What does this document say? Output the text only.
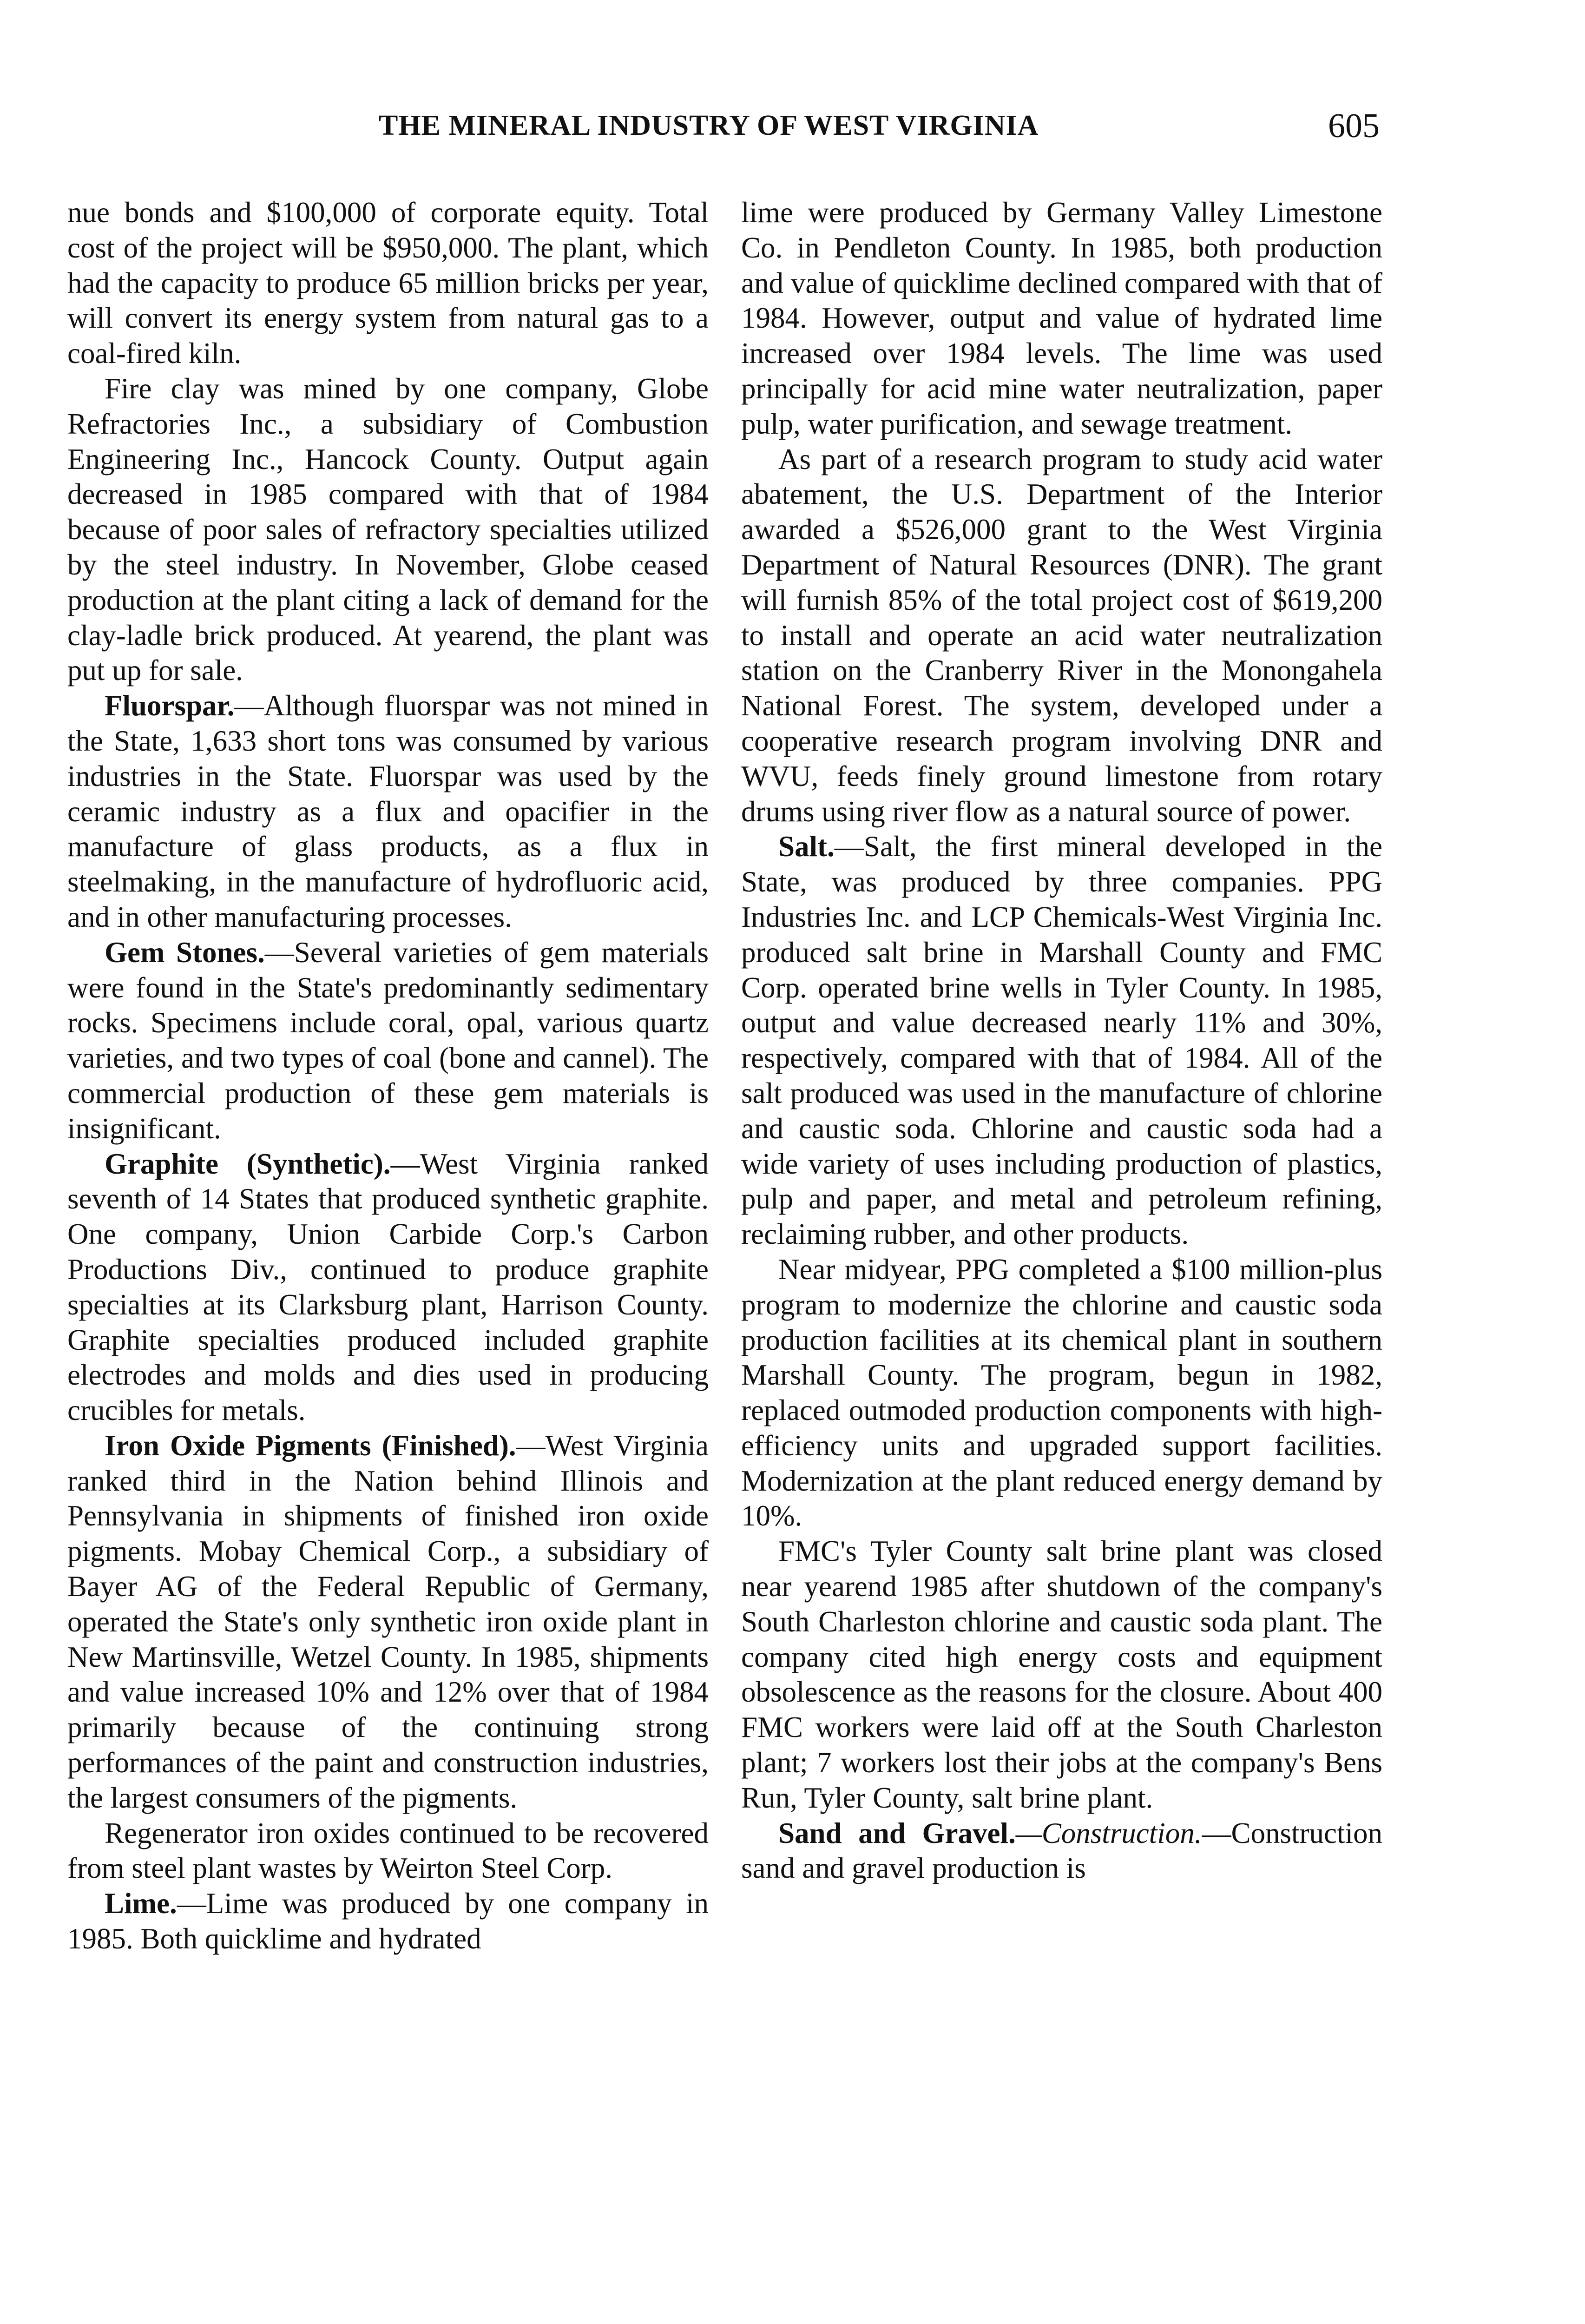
THE MINERAL INDUSTRY OF WEST VIRGINIA	605

nue bonds and $100,000 of corporate equity. Total cost of the project will be $950,000. The plant, which had the capacity to produce 65 million bricks per year, will convert its energy system from natural gas to a coal-fired kiln.

Fire clay was mined by one company, Globe Refractories Inc., a subsidiary of Combustion Engineering Inc., Hancock County. Output again decreased in 1985 compared with that of 1984 because of poor sales of refractory specialties utilized by the steel industry. In November, Globe ceased production at the plant citing a lack of demand for the clay-ladle brick produced. At yearend, the plant was put up for sale.

Fluorspar.—Although fluorspar was not mined in the State, 1,633 short tons was consumed by various industries in the State. Fluorspar was used by the ceramic industry as a flux and opacifier in the manufacture of glass products, as a flux in steelmaking, in the manufacture of hydrofluoric acid, and in other manufacturing processes.

Gem Stones.—Several varieties of gem materials were found in the State's predominantly sedimentary rocks. Specimens include coral, opal, various quartz varieties, and two types of coal (bone and cannel). The commercial production of these gem materials is insignificant.

Graphite (Synthetic).—West Virginia ranked seventh of 14 States that produced synthetic graphite. One company, Union Carbide Corp.'s Carbon Productions Div., continued to produce graphite specialties at its Clarksburg plant, Harrison County. Graphite specialties produced included graphite electrodes and molds and dies used in producing crucibles for metals.

Iron Oxide Pigments (Finished).—West Virginia ranked third in the Nation behind Illinois and Pennsylvania in shipments of finished iron oxide pigments. Mobay Chemical Corp., a subsidiary of Bayer AG of the Federal Republic of Germany, operated the State's only synthetic iron oxide plant in New Martinsville, Wetzel County. In 1985, shipments and value increased 10% and 12% over that of 1984 primarily because of the continuing strong performances of the paint and construction industries, the largest consumers of the pigments.

Regenerator iron oxides continued to be recovered from steel plant wastes by Weirton Steel Corp.

Lime.—Lime was produced by one company in 1985. Both quicklime and hydrated

lime were produced by Germany Valley Limestone Co. in Pendleton County. In 1985, both production and value of quicklime declined compared with that of 1984. However, output and value of hydrated lime increased over 1984 levels. The lime was used principally for acid mine water neutralization, paper pulp, water purification, and sewage treatment.

As part of a research program to study acid water abatement, the U.S. Department of the Interior awarded a $526,000 grant to the West Virginia Department of Natural Resources (DNR). The grant will furnish 85% of the total project cost of $619,200 to install and operate an acid water neutralization station on the Cranberry River in the Monongahela National Forest. The system, developed under a cooperative research program involving DNR and WVU, feeds finely ground limestone from rotary drums using river flow as a natural source of power.

Salt.—Salt, the first mineral developed in the State, was produced by three companies. PPG Industries Inc. and LCP Chemicals-West Virginia Inc. produced salt brine in Marshall County and FMC Corp. operated brine wells in Tyler County. In 1985, output and value decreased nearly 11% and 30%, respectively, compared with that of 1984. All of the salt produced was used in the manufacture of chlorine and caustic soda. Chlorine and caustic soda had a wide variety of uses including production of plastics, pulp and paper, and metal and petroleum refining, reclaiming rubber, and other products.

Near midyear, PPG completed a $100 million-plus program to modernize the chlorine and caustic soda production facilities at its chemical plant in southern Marshall County. The program, begun in 1982, replaced outmoded production components with high-efficiency units and upgraded support facilities. Modernization at the plant reduced energy demand by 10%.

FMC's Tyler County salt brine plant was closed near yearend 1985 after shutdown of the company's South Charleston chlorine and caustic soda plant. The company cited high energy costs and equipment obsolescence as the reasons for the closure. About 400 FMC workers were laid off at the South Charleston plant; 7 workers lost their jobs at the company's Bens Run, Tyler County, salt brine plant.

Sand and Gravel.—Construction.—Construction sand and gravel production is
